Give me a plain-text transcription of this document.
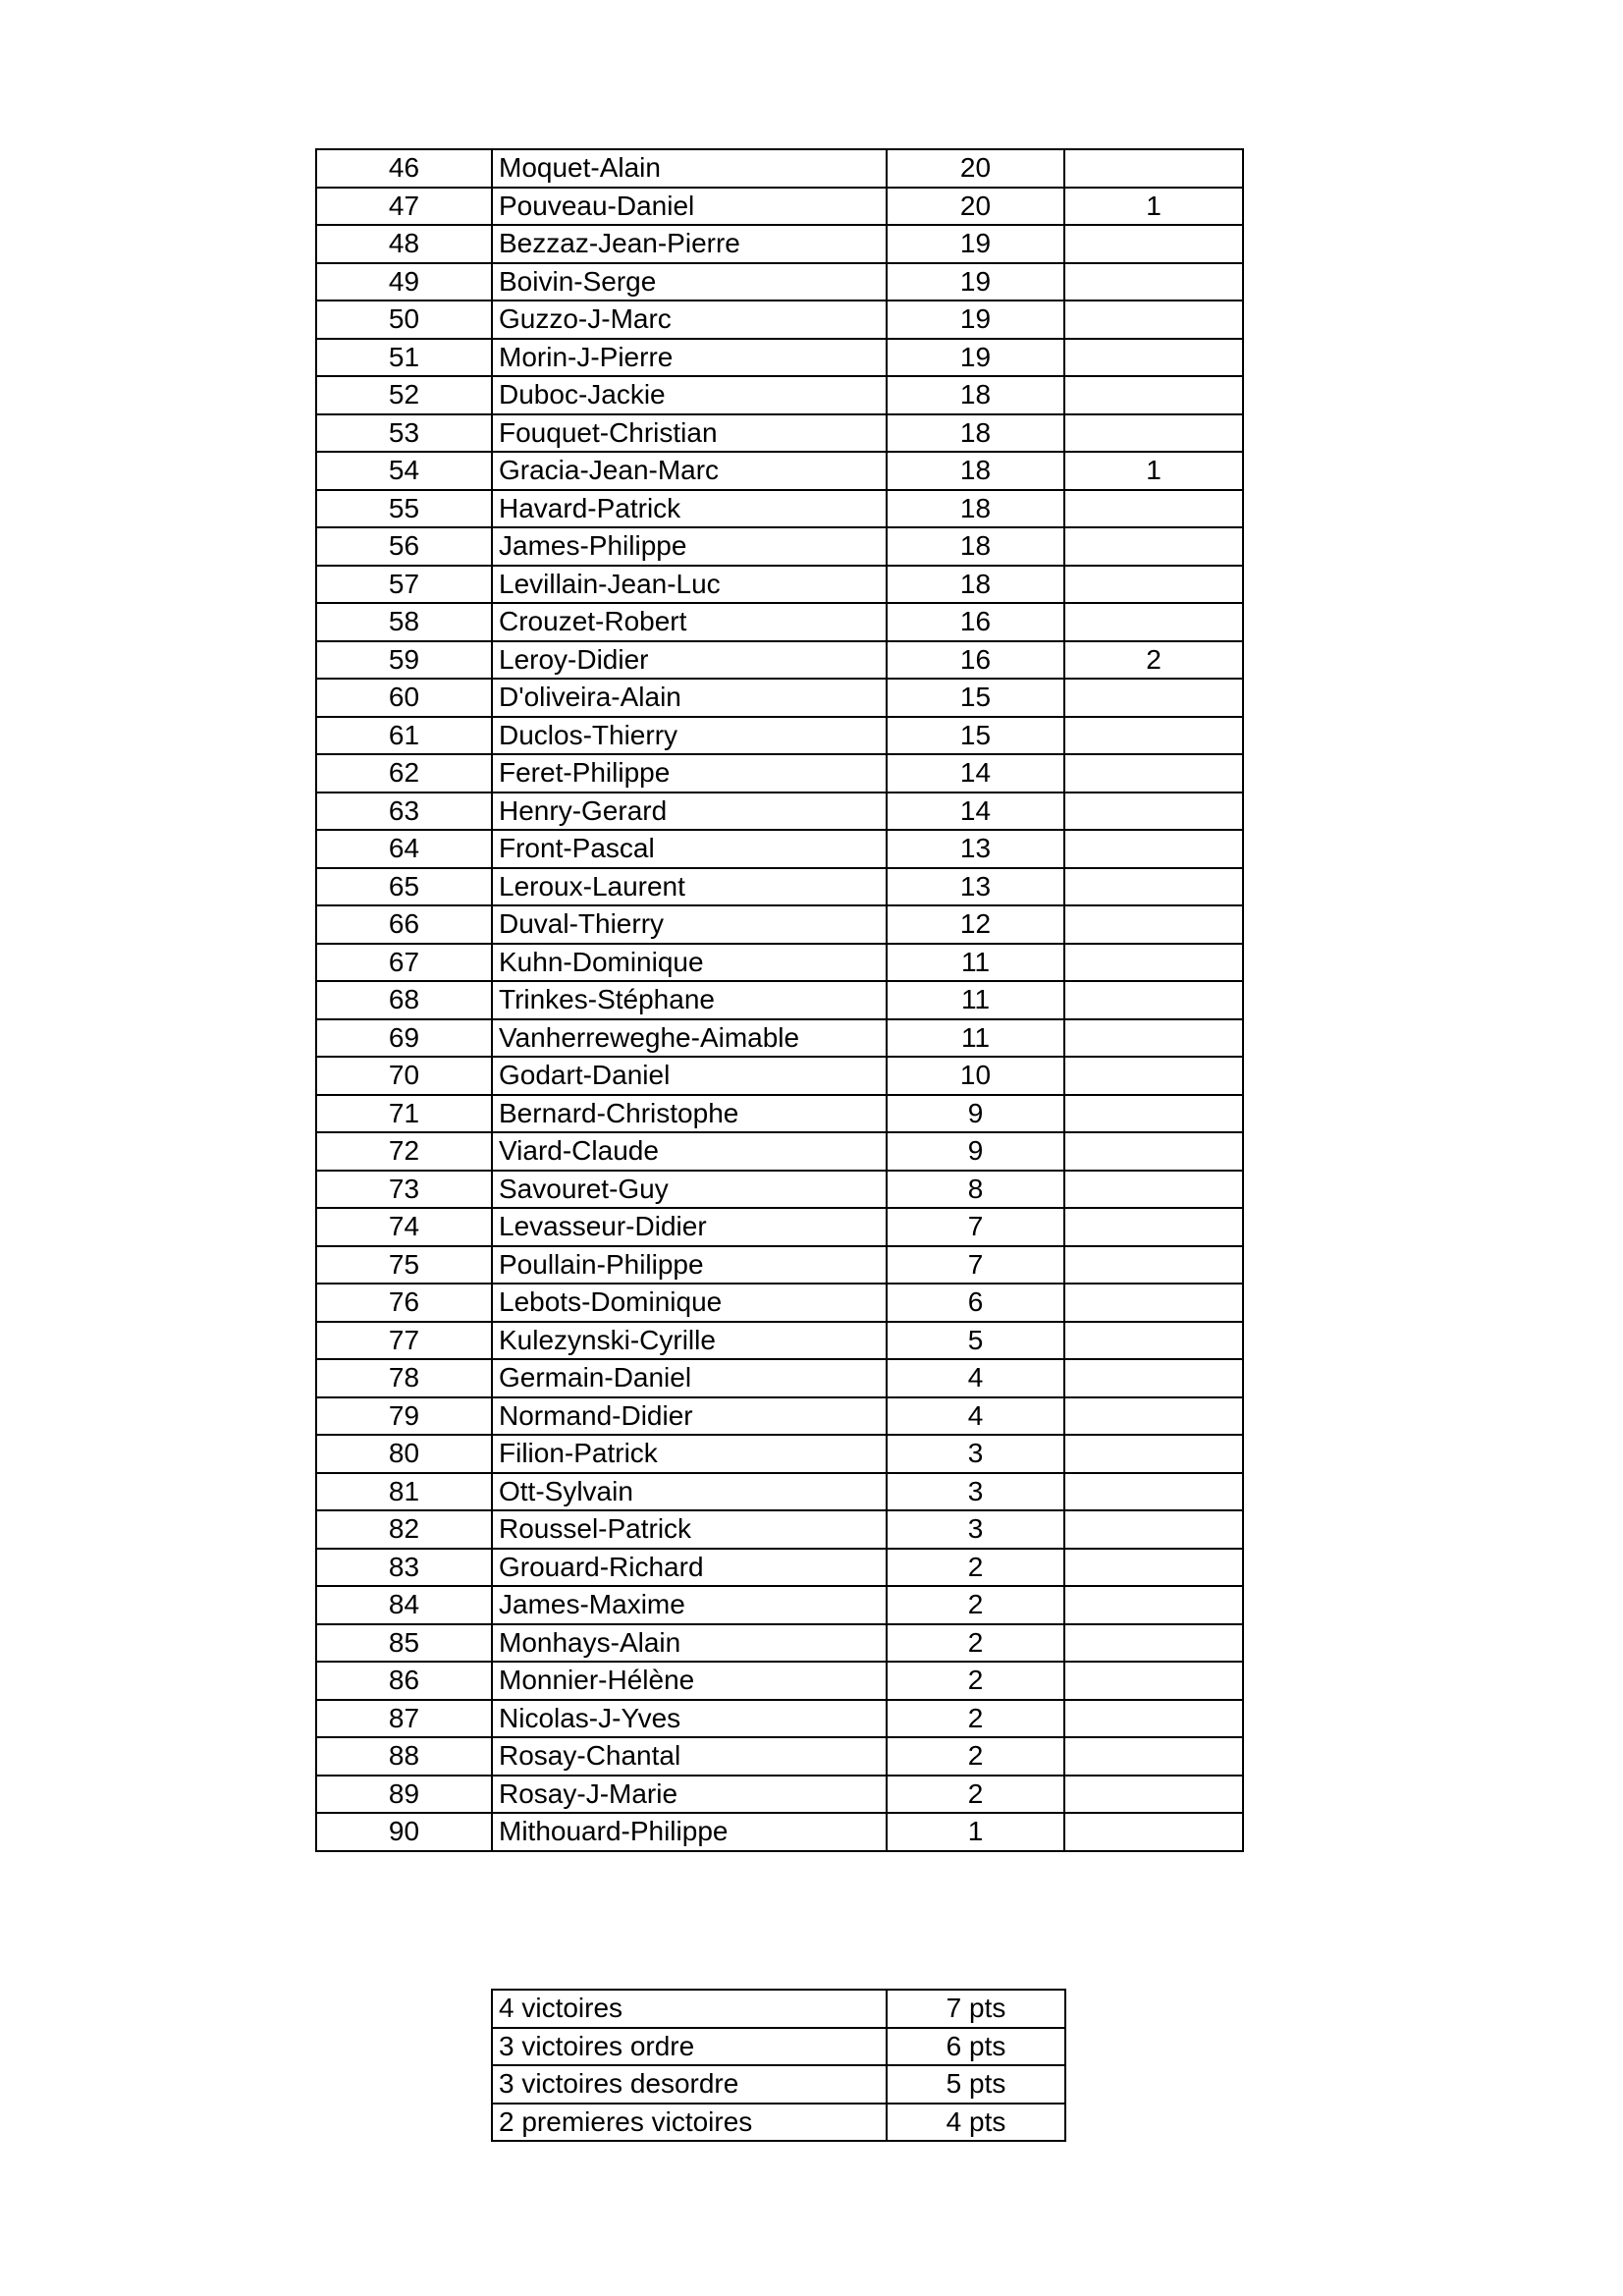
46	Moquet-Alain	20	
47	Pouveau-Daniel	20	1
48	Bezzaz-Jean-Pierre	19	
49	Boivin-Serge	19	
50	Guzzo-J-Marc	19	
51	Morin-J-Pierre	19	
52	Duboc-Jackie	18	
53	Fouquet-Christian	18	
54	Gracia-Jean-Marc	18	1
55	Havard-Patrick	18	
56	James-Philippe	18	
57	Levillain-Jean-Luc	18	
58	Crouzet-Robert	16	
59	Leroy-Didier	16	2
60	D'oliveira-Alain	15	
61	Duclos-Thierry	15	
62	Feret-Philippe	14	
63	Henry-Gerard	14	
64	Front-Pascal	13	
65	Leroux-Laurent	13	
66	Duval-Thierry	12	
67	Kuhn-Dominique	11	
68	Trinkes-Stéphane	11	
69	Vanherreweghe-Aimable	11	
70	Godart-Daniel	10	
71	Bernard-Christophe	9	
72	Viard-Claude	9	
73	Savouret-Guy	8	
74	Levasseur-Didier	7	
75	Poullain-Philippe	7	
76	Lebots-Dominique	6	
77	Kulezynski-Cyrille	5	
78	Germain-Daniel	4	
79	Normand-Didier	4	
80	Filion-Patrick	3	
81	Ott-Sylvain	3	
82	Roussel-Patrick	3	
83	Grouard-Richard	2	
84	James-Maxime	2	
85	Monhays-Alain	2	
86	Monnier-Hélène	2	
87	Nicolas-J-Yves	2	
88	Rosay-Chantal	2	
89	Rosay-J-Marie	2	
90	Mithouard-Philippe	1	
4 victoires	7 pts
3 victoires ordre	6 pts
3 victoires desordre	5 pts
2 premieres victoires	4 pts
